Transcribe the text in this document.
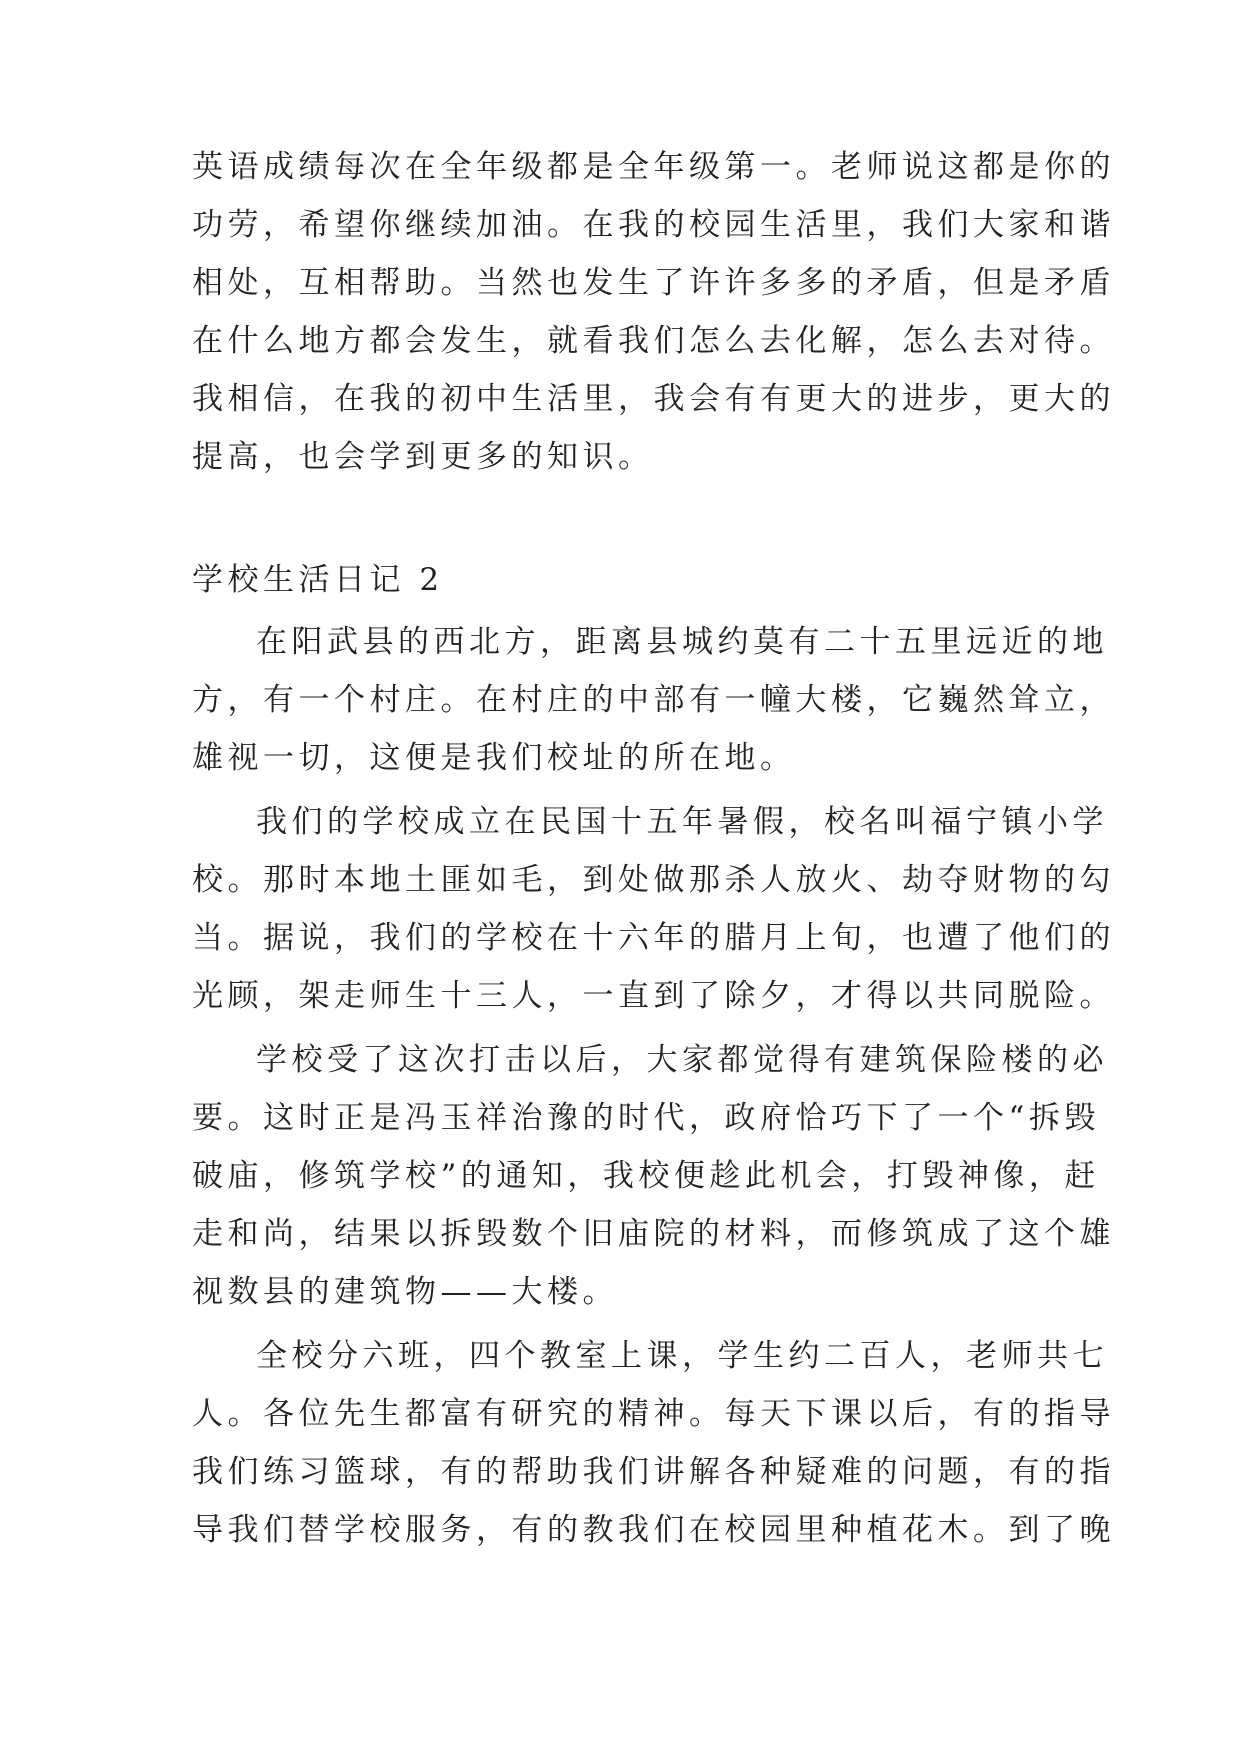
英语成绩每次在全年级都是全年级第一。老师说这都是你的
功劳，希望你继续加油。在我的校园生活里，我们大家和谐
相处，互相帮助。当然也发生了许许多多的矛盾，但是矛盾
在什么地方都会发生，就看我们怎么去化解，怎么去对待。
我相信，在我的初中生活里，我会有有更大的进步，更大的
提高，也会学到更多的知识。
学校生活日记 2
在阳武县的西北方，距离县城约莫有二十五里远近的地
方，有一个村庄。在村庄的中部有一幢大楼，它巍然耸立，
雄视一切，这便是我们校址的所在地。
我们的学校成立在民国十五年暑假，校名叫福宁镇小学
校。那时本地土匪如毛，到处做那杀人放火、劫夺财物的勾
当。据说，我们的学校在十六年的腊月上旬，也遭了他们的
光顾，架走师生十三人，一直到了除夕，才得以共同脱险。
学校受了这次打击以后，大家都觉得有建筑保险楼的必
要。这时正是冯玉祥治豫的时代，政府恰巧下了一个“拆毁
破庙，修筑学校”的通知，我校便趁此机会，打毁神像，赶
走和尚，结果以拆毁数个旧庙院的材料，而修筑成了这个雄
视数县的建筑物——大楼。
全校分六班，四个教室上课，学生约二百人，老师共七
人。各位先生都富有研究的精神。每天下课以后，有的指导
我们练习篮球，有的帮助我们讲解各种疑难的问题，有的指
导我们替学校服务，有的教我们在校园里种植花木。到了晚
